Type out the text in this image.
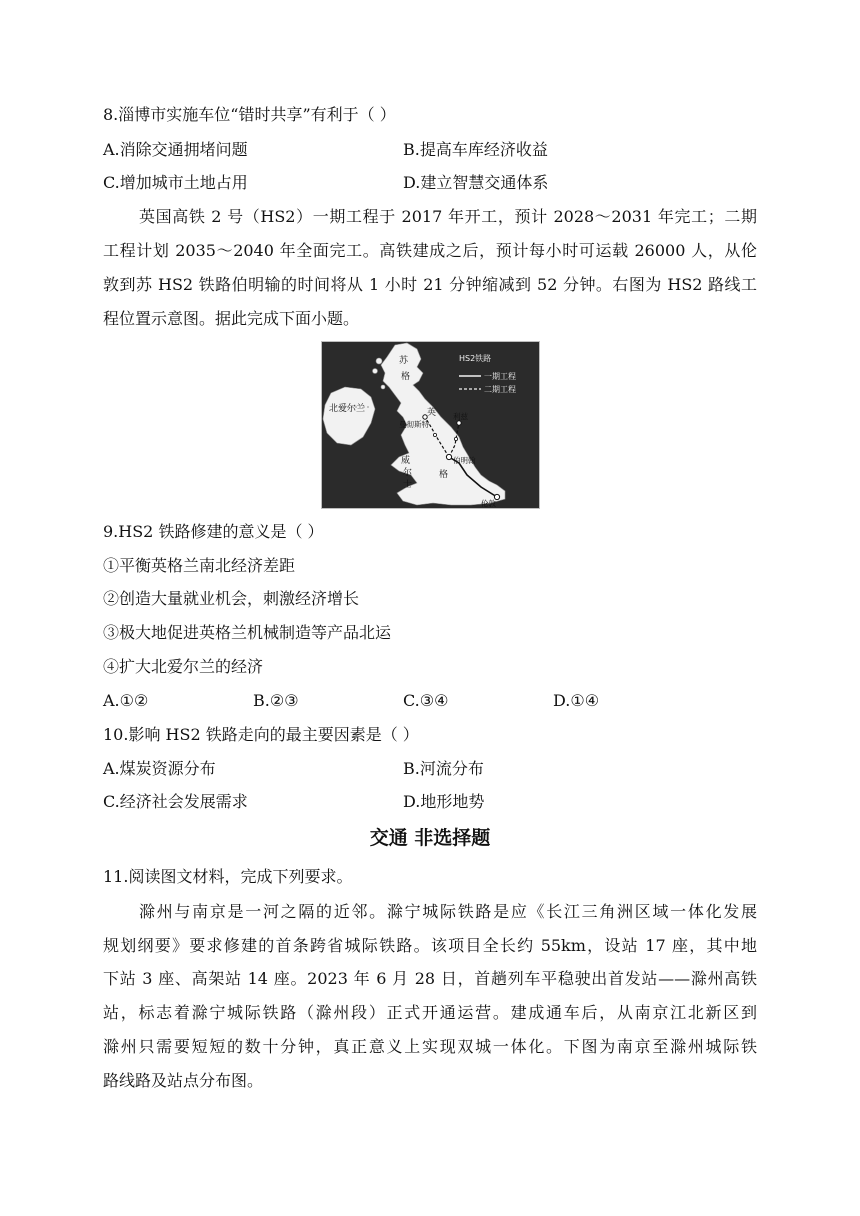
8.淄博市实施车位“错时共享”有利于（ ）
A.消除交通拥堵问题	B.提高车库经济收益
C.增加城市土地占用	D.建立智慧交通体系
英国高铁 2 号（HS2）一期工程于 2017 年开工，预计 2028～2031 年完工；二期
工程计划 2035～2040 年全面完工。高铁建成之后，预计每小时可运载 26000 人，从伦
敦到苏 HS2 铁路伯明输的时间将从 1 小时 21 分钟缩减到 52 分钟。右图为 HS2 路线工
程位置示意图。据此完成下面小题。
苏
格
北爱尔兰	英
格
威
尔
士
曼彻斯特
利兹
伯明翰
伦敦
HS2铁路
一期工程
二期工程
9.HS2 铁路修建的意义是（ ）
①平衡英格兰南北经济差距
②创造大量就业机会，刺激经济增长
③极大地促进英格兰机械制造等产品北运
④扩大北爱尔兰的经济
A.①②	B.②③	C.③④	D.①④
10.影响 HS2 铁路走向的最主要因素是（ ）
A.煤炭资源分布	B.河流分布
C.经济社会发展需求	D.地形地势
交通 非选择题
11.阅读图文材料，完成下列要求。
滁州与南京是一河之隔的近邻。滁宁城际铁路是应《长江三角洲区域一体化发展
规划纲要》要求修建的首条跨省城际铁路。该项目全长约 55km，设站 17 座，其中地
下站 3 座、高架站 14 座。2023 年 6 月 28 日，首趟列车平稳驶出首发站——滁州高铁
站，标志着滁宁城际铁路（滁州段）正式开通运营。建成通车后，从南京江北新区到
滁州只需要短短的数十分钟，真正意义上实现双城一体化。下图为南京至滁州城际铁
路线路及站点分布图。
